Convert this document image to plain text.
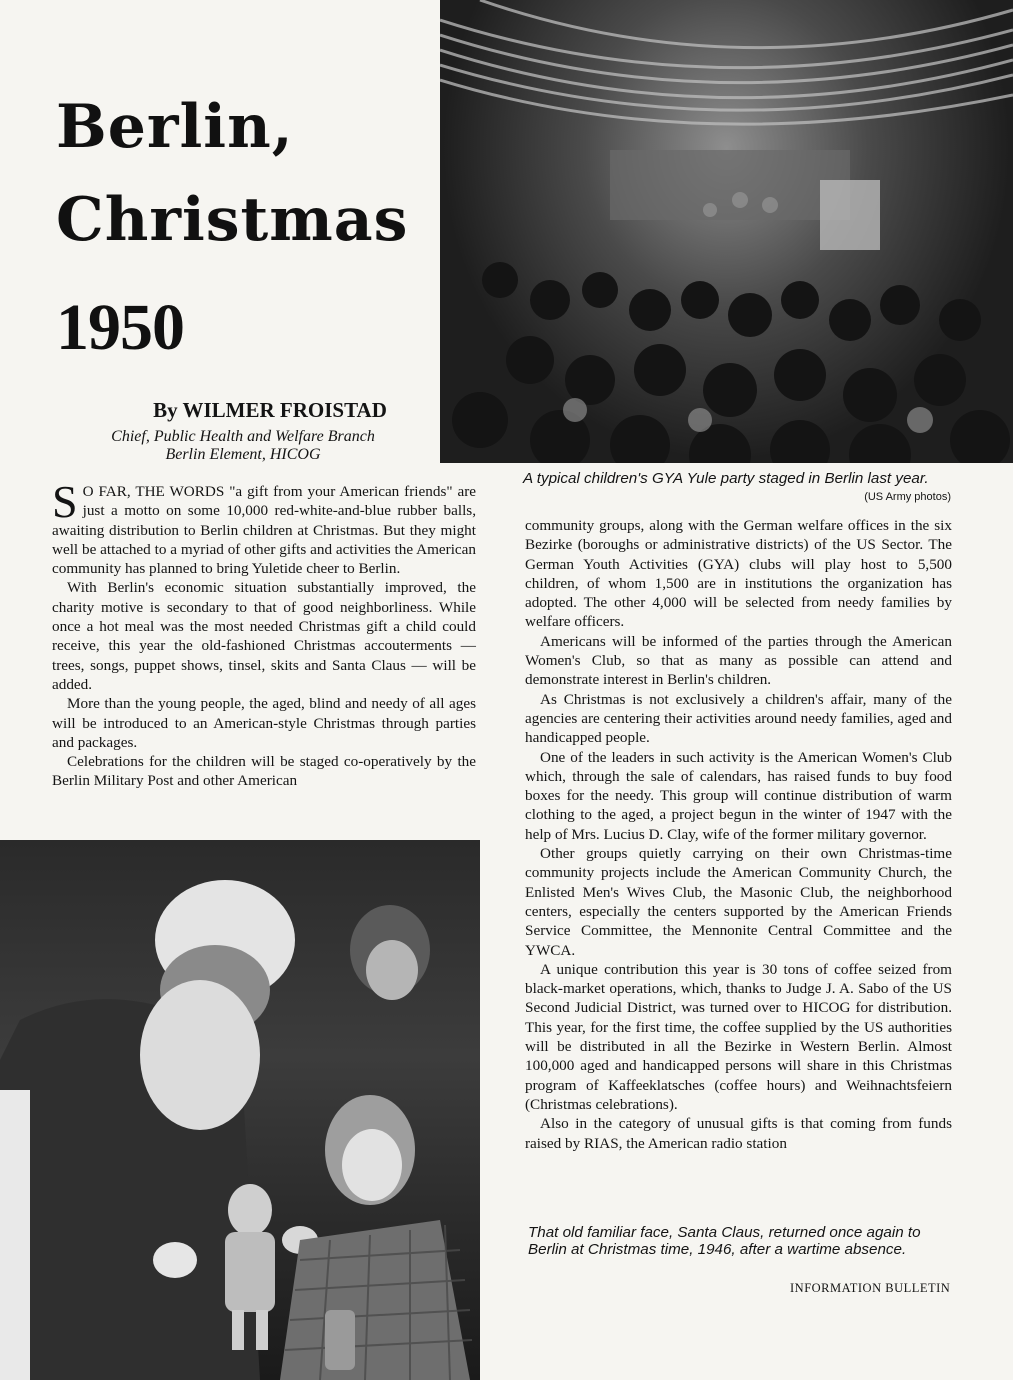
Berlin,
Christmas
1950
By WILMER FROISTAD
Chief, Public Health and Welfare Branch
Berlin Element, HICOG
A typical children's GYA Yule party staged in Berlin last year.
(US Army photos)

S O FAR, THE WORDS "a gift from your American friends" are just a motto on some 10,000 red-white-and-blue rubber balls, awaiting distribution to Berlin children at Christmas. But they might well be attached to a myriad of other gifts and activities the American community has planned to bring Yuletide cheer to Berlin.

With Berlin's economic situation substantially improved, the charity motive is secondary to that of good neighborliness. While once a hot meal was the most needed Christmas gift a child could receive, this year the old-fashioned Christmas accouterments — trees, songs, puppet shows, tinsel, skits and Santa Claus — will be added.

More than the young people, the aged, blind and needy of all ages will be introduced to an American-style Christmas through parties and packages.

Celebrations for the children will be staged co-operatively by the Berlin Military Post and other American

community groups, along with the German welfare offices in the six Bezirke (boroughs or administrative districts) of the US Sector. The German Youth Activities (GYA) clubs will play host to 5,500 children, of whom 1,500 are in institutions the organization has adopted. The other 4,000 will be selected from needy families by welfare officers.

Americans will be informed of the parties through the American Women's Club, so that as many as possible can attend and demonstrate interest in Berlin's children.

As Christmas is not exclusively a children's affair, many of the agencies are centering their activities around needy families, aged and handicapped people.

One of the leaders in such activity is the American Women's Club which, through the sale of calendars, has raised funds to buy food boxes for the needy. This group will continue distribution of warm clothing to the aged, a project begun in the winter of 1947 with the help of Mrs. Lucius D. Clay, wife of the former military governor.

Other groups quietly carrying on their own Christmas-time community projects include the American Community Church, the Enlisted Men's Wives Club, the Masonic Club, the neighborhood centers, especially the centers supported by the American Friends Service Committee, the Mennonite Central Committee and the YWCA.

A unique contribution this year is 30 tons of coffee seized from black-market operations, which, thanks to Judge J. A. Sabo of the US Second Judicial District, was turned over to HICOG for distribution. This year, for the first time, the coffee supplied by the US authorities will be distributed in all the Bezirke in Western Berlin. Almost 100,000 aged and handicapped persons will share in this Christmas program of Kaffeeklatsches (coffee hours) and Weihnachtsfeiern (Christmas celebrations).

Also in the category of unusual gifts is that coming from funds raised by RIAS, the American radio station

That old familiar face, Santa Claus, returned once again to Berlin at Christmas time, 1946, after a wartime absence.
INFORMATION BULLETIN
